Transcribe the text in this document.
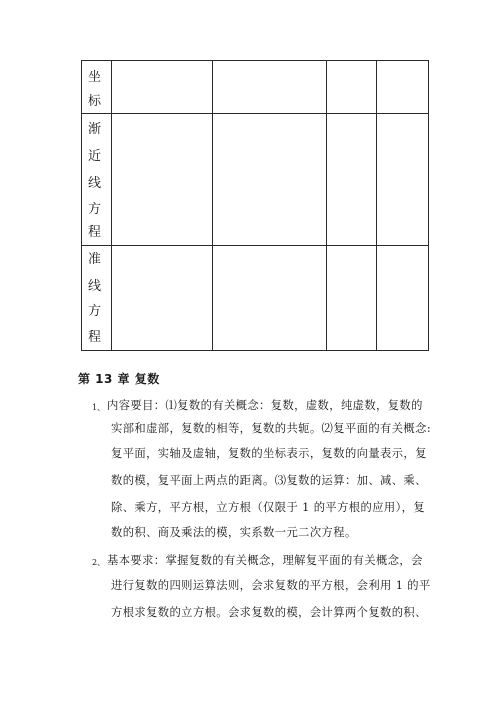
坐
标
渐
近
线
方
程
准
线
方
程
第 13 章 复数
1、 内容要目：⑴复数的有关概念：复数，虚数，纯虚数，复数的
实部和虚部，复数的相等，复数的共轭。⑵复平面的有关概念:
复平面，实轴及虚轴，复数的坐标表示，复数的向量表示，复
数的模，复平面上两点的距离。⑶复数的运算：加、减、乘、
除、乘方，平方根，立方根（仅限于 1 的平方根的应用），复
数的积、商及乘法的模，实系数一元二次方程。
2、 基本要求：掌握复数的有关概念，理解复平面的有关概念，会
进行复数的四则运算法则，会求复数的平方根，会利用 1 的平
方根求复数的立方根。会求复数的模，会计算两个复数的积、
